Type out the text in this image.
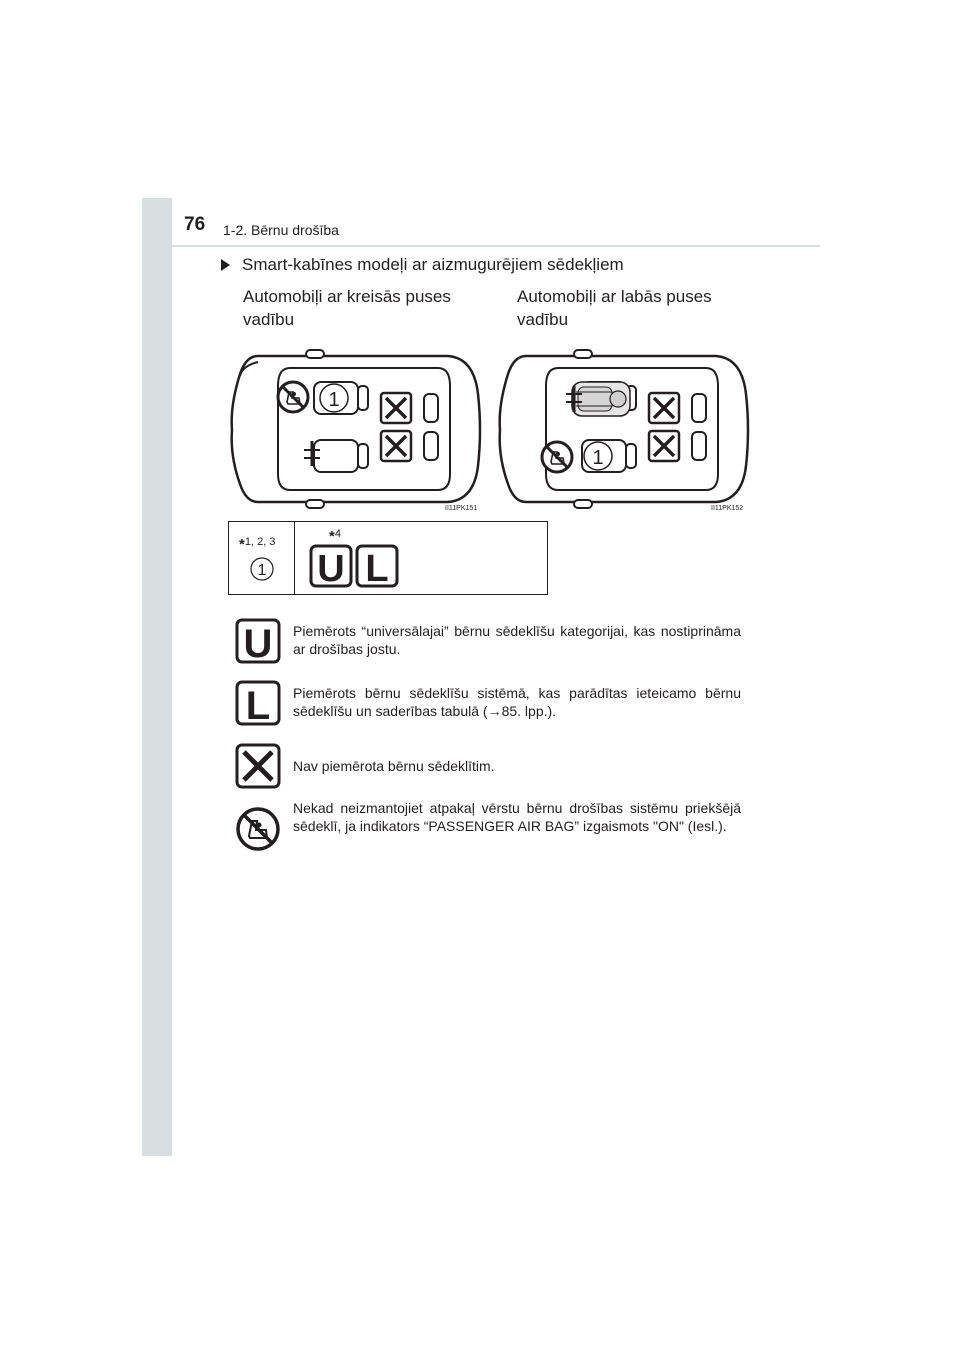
76 1-2. Bērnu drošība
Smart-kabīnes modeļi ar aizmugurējiem sēdekļiem
Automobiļi ar kreisās puses vadību
Automobiļi ar labās puses vadību
1
II11PK151
1
II11PK152
*1, 2, 3
1
*4
U L
U Piemērots “universālajai” bērnu sēdeklīšu kategorijai, kas nostiprināma ar drošības jostu.
L Piemērots bērnu sēdeklīšu sistēmā, kas parādītas ieteicamo bērnu sēdeklīšu un saderības tabulā (→85. lpp.).
Nav piemērota bērnu sēdeklītim.
Nekad neizmantojiet atpakaļ vērstu bērnu drošības sistēmu priekšējā sēdeklī, ja indikators “PASSENGER AIR BAG” izgaismots "ON" (Iesl.).
